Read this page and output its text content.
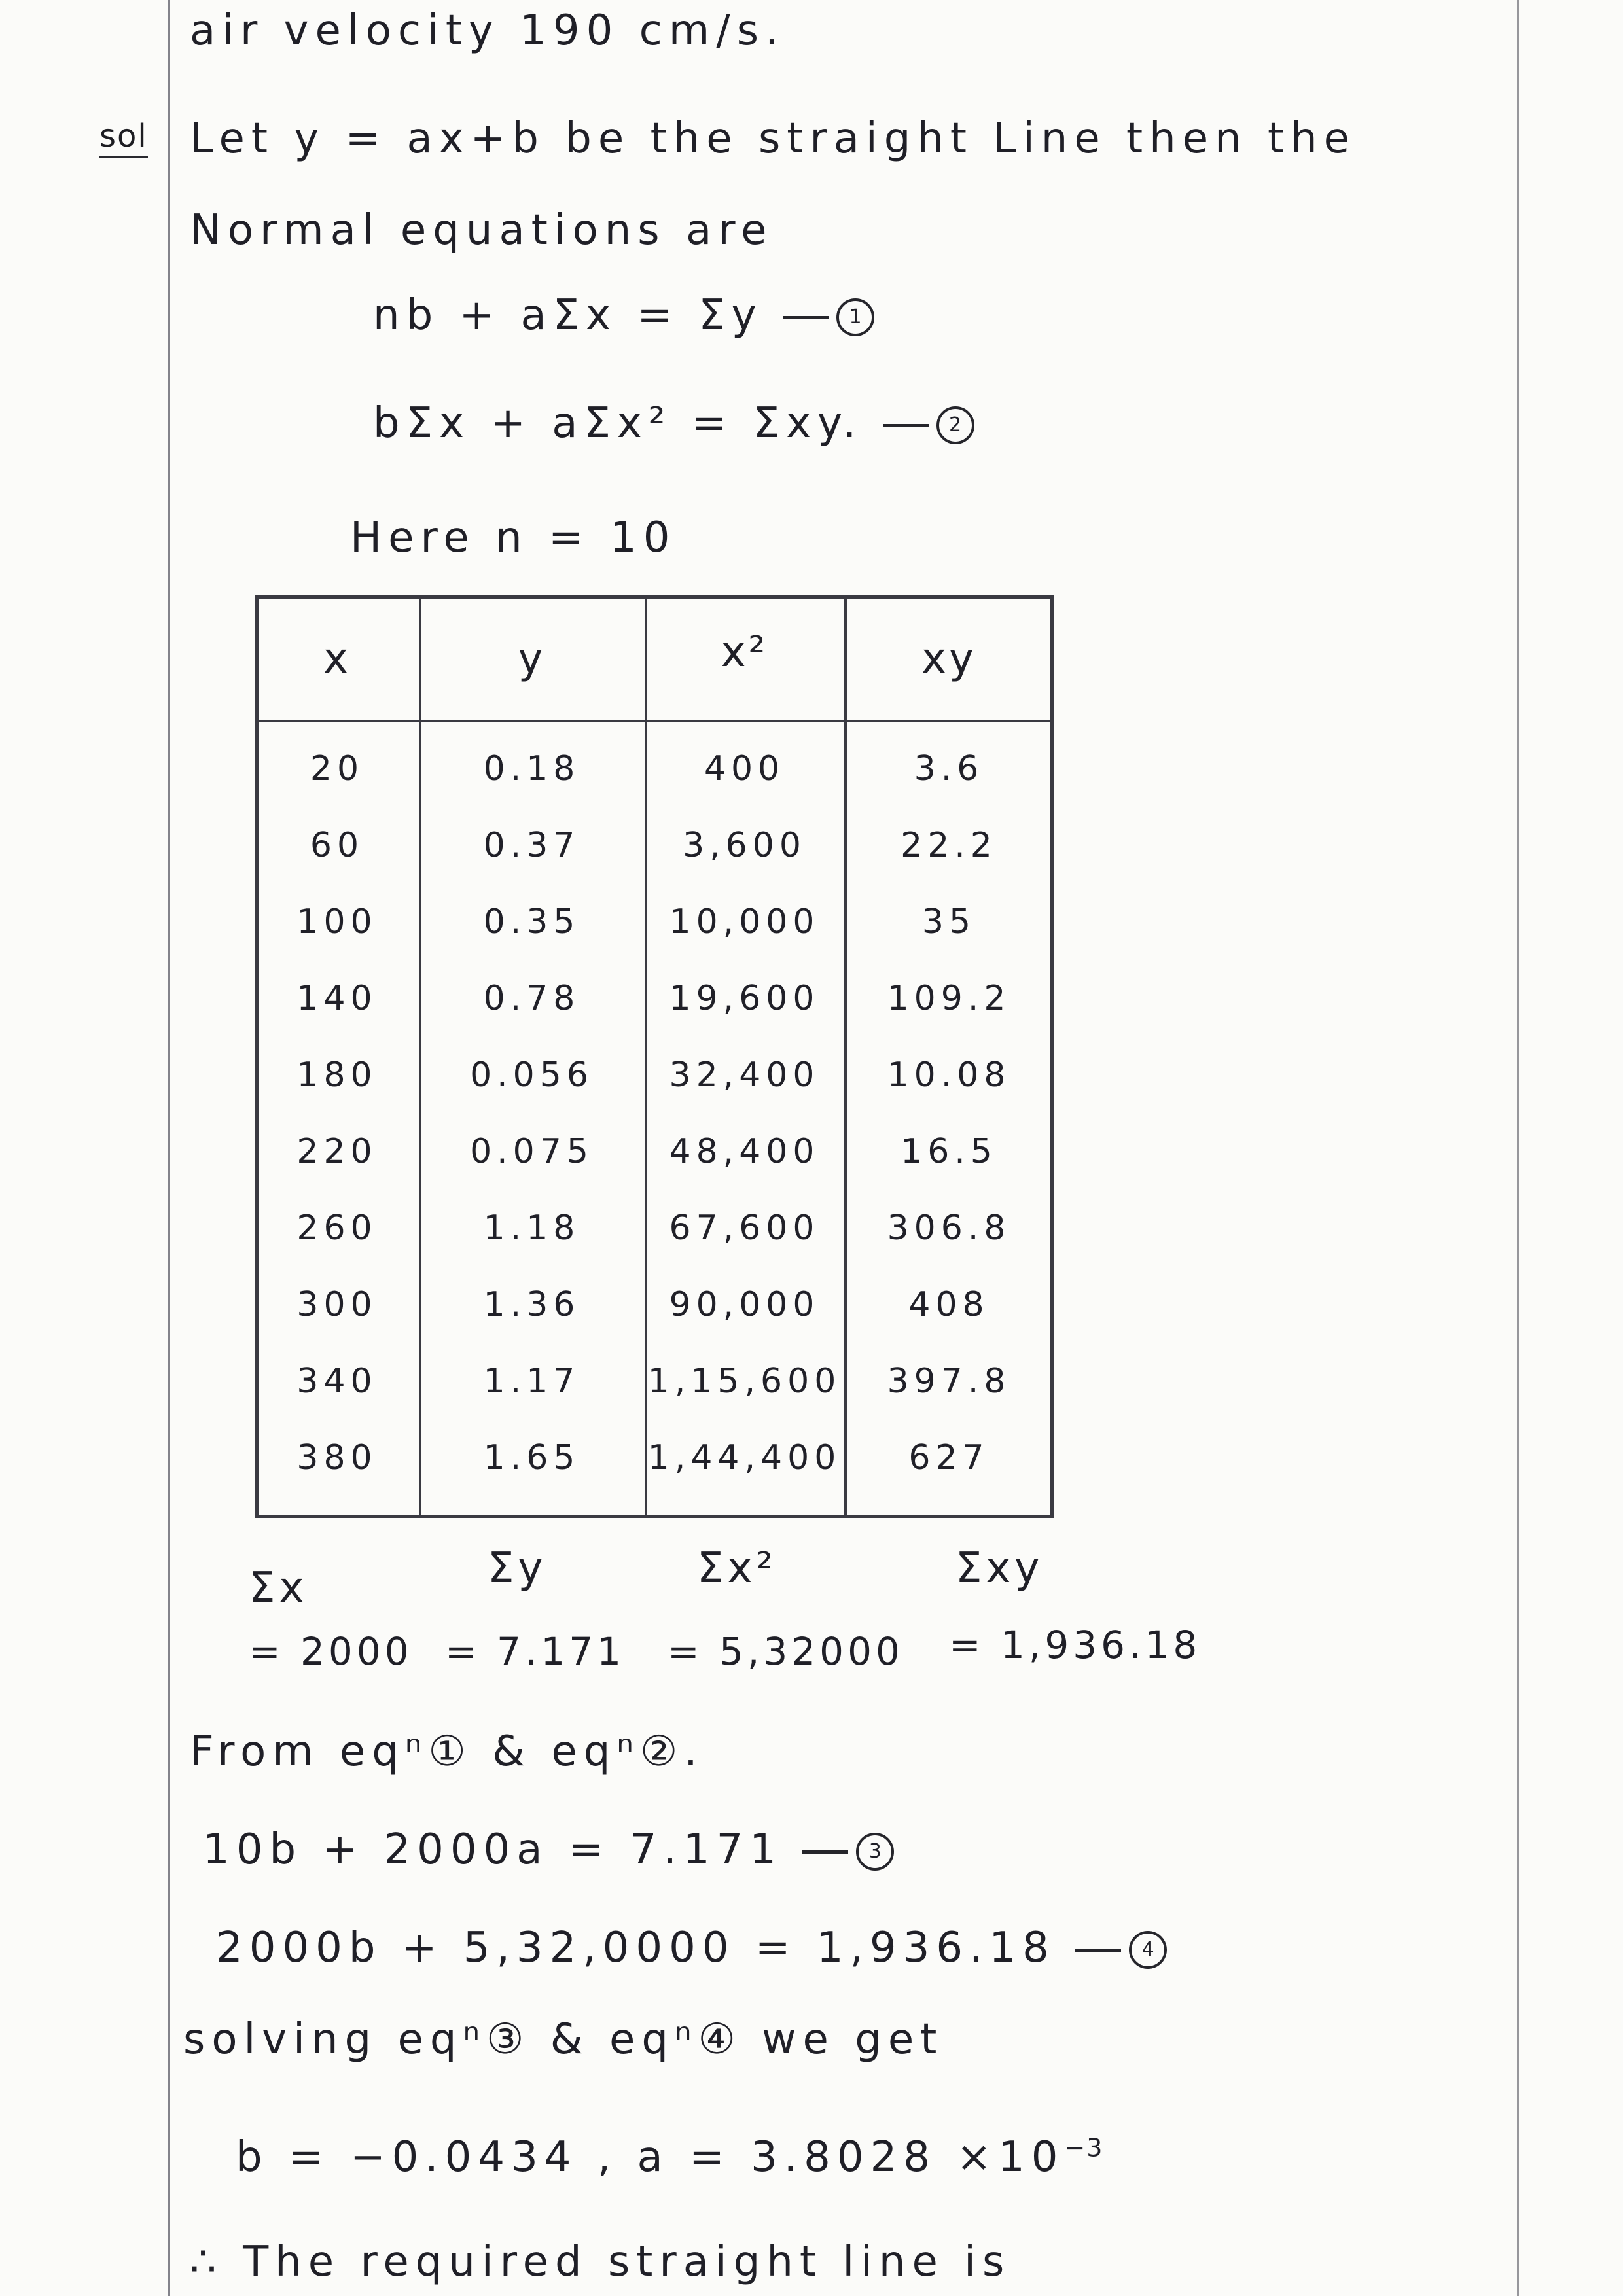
air velocity 190 cm/s.
sol Let y = ax+b be the straight Line then the
Normal equations are
nb + aΣx = Σy	1
bΣx + aΣx² = Σxy.	2
Here n = 10
x	y	x²	xy
20	0.18	400	3.6
60	0.37	3,600	22.2
100	0.35	10,000	35
140	0.78	19,600	109.2
180	0.056	32,400	10.08
220	0.075	48,400	16.5
260	1.18	67,600	306.8
300	1.36	90,000	408
340	1.17	1,15,600	397.8
380	1.65	1,44,400	627
Σx	Σy	Σx²	Σxy
= 2000 = 7.171 = 5,32000 = 1,936.18
From eqⁿ① & eqⁿ②.
10b + 2000a = 7.171	3
2000b + 5,32,0000 = 1,936.18	4
solving eqⁿ③ & eqⁿ④ we get
b = −0.0434 , $a = 3.8028 \times 10^{-3}$
∴ The required straight line is
